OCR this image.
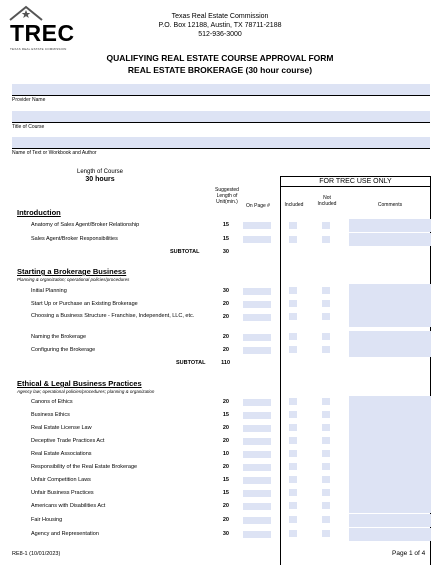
TREC
TEXAS REAL ESTATE COMMISSION
Texas Real Estate Commission
P.O. Box 12188, Austin, TX 78711-2188
512-936-3000
QUALIFYING REAL ESTATE COURSE APPROVAL FORM
REAL ESTATE BROKERAGE (30 hour course)
Provider Name
Title of Course
Name of Text or Workbook and Author
Length of Course
30 hours	FOR TREC USE ONLY
Suggested Length of Unit(min.)
On Page #	Included
Not Included	Comments
Introduction
Anatomy of Sales Agent/Broker Relationship	15
Sales Agent/Broker Responsibilities	15
SUBTOTAL	30
Starting a Brokerage Business
Planning & organization; operational policies/procedures
Initial Planning	30
Start Up or Purchase an Existing Brokerage	20
Choosing a Business Structure - Franchise, Independent, LLC, etc.	20
Naming the Brokerage	20
Configuring the Brokerage	20
SUBTOTAL	110
Ethical & Legal Business Practices
Agency law; operational policies/procedures; planning & organization
Canons of Ethics	20
Business Ethics	15
Real Estate License Law	20
Deceptive Trade Practices Act	20
Real Estate Associations	10
Responsibility of the Real Estate Brokerage	20
Unfair Competition Laws	15
Unfair Business Practices	15
Americans with Disabilities Act	20
Fair Housing	20
Agency and Representation	30
RE8-1 (10/01/2023)	Page 1 of 4
